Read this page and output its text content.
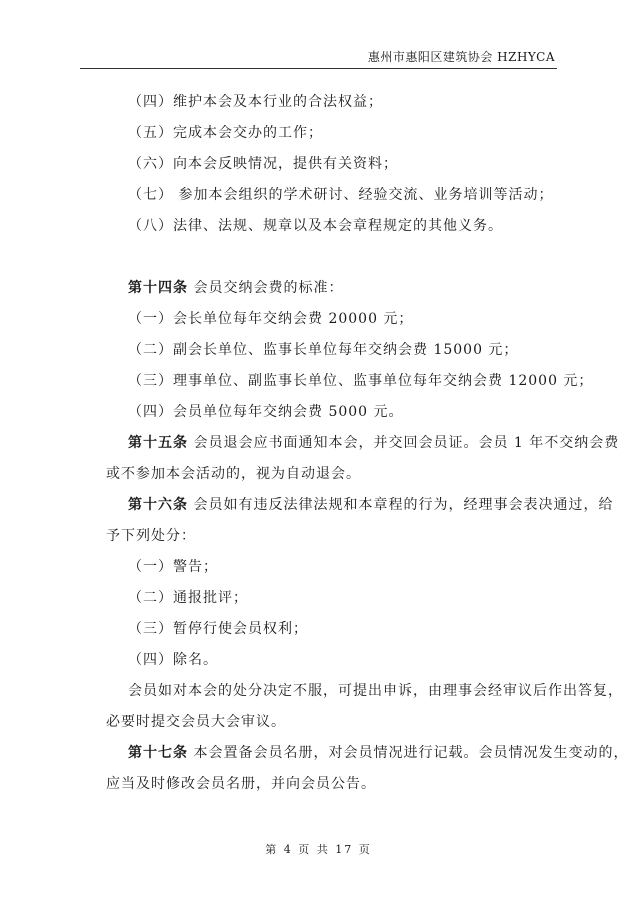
惠州市惠阳区建筑协会 HZHYCA
（四）维护本会及本行业的合法权益；
（五）完成本会交办的工作；
（六）向本会反映情况，提供有关资料；
（七） 参加本会组织的学术研讨、经验交流、业务培训等活动；
（八）法律、法规、规章以及本会章程规定的其他义务。
第十四条 会员交纳会费的标准：
（一）会长单位每年交纳会费 20000 元；
（二）副会长单位、监事长单位每年交纳会费 15000 元；
（三）理事单位、副监事长单位、监事单位每年交纳会费 12000 元；
（四）会员单位每年交纳会费 5000 元。
第十五条 会员退会应书面通知本会，并交回会员证。会员 1 年不交纳会费
或不参加本会活动的，视为自动退会。
第十六条 会员如有违反法律法规和本章程的行为，经理事会表决通过，给
予下列处分：
（一）警告；
（二）通报批评；
（三）暂停行使会员权利；
（四）除名。
会员如对本会的处分决定不服，可提出申诉，由理事会经审议后作出答复，
必要时提交会员大会审议。
第十七条 本会置备会员名册，对会员情况进行记载。会员情况发生变动的，
应当及时修改会员名册，并向会员公告。
第 4 页 共 17 页
